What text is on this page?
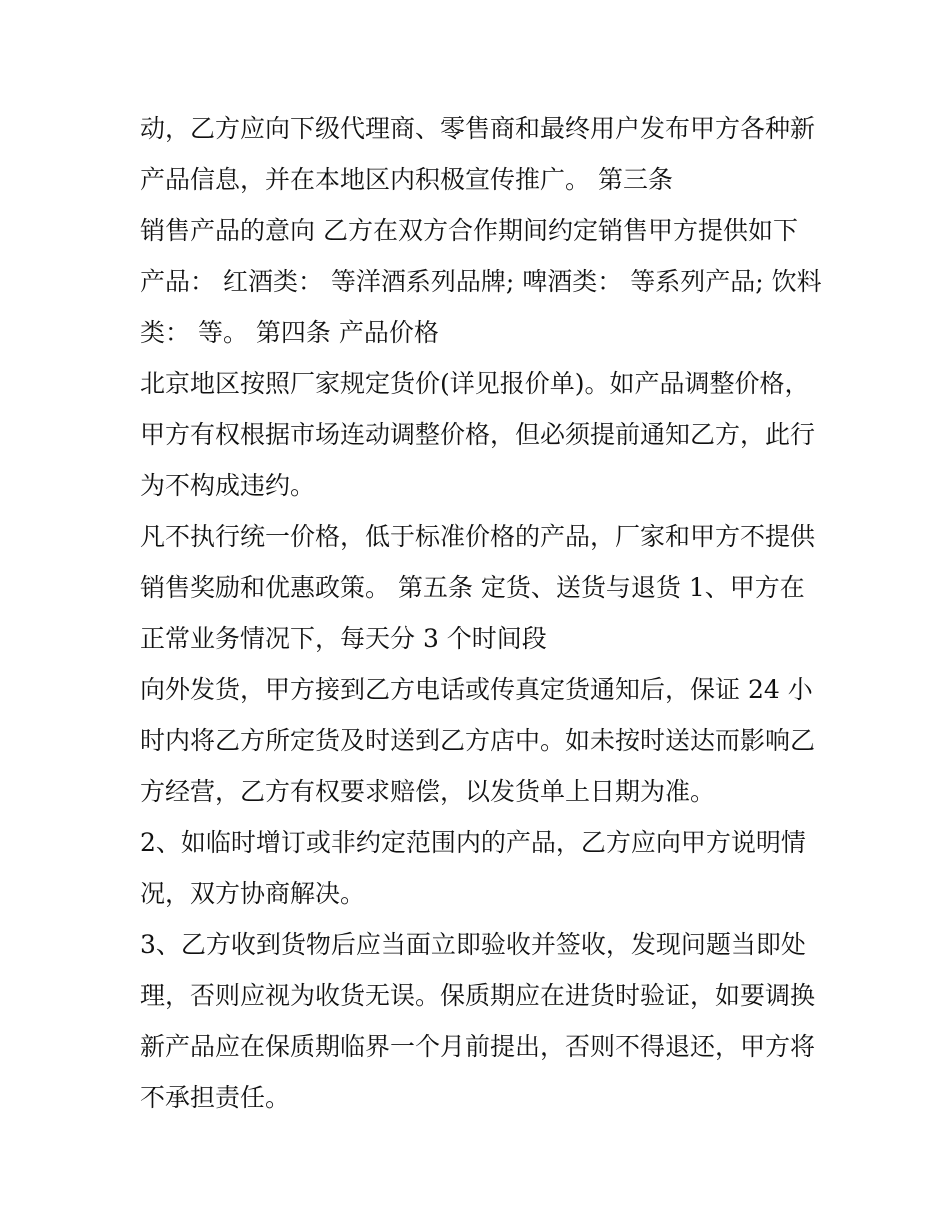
动，乙方应向下级代理商、零售商和最终用户发布甲方各种新
产品信息，并在本地区内积极宣传推广。 第三条
销售产品的意向 乙方在双方合作期间约定销售甲方提供如下
产品： 红酒类： 等洋酒系列品牌; 啤酒类： 等系列产品; 饮料
类： 等。 第四条 产品价格
北京地区按照厂家规定货价(详见报价单)。如产品调整价格，
甲方有权根据市场连动调整价格，但必须提前通知乙方，此行
为不构成违约。
凡不执行统一价格，低于标准价格的产品，厂家和甲方不提供
销售奖励和优惠政策。 第五条 定货、送货与退货 1、甲方在
正常业务情况下，每天分 3 个时间段
向外发货，甲方接到乙方电话或传真定货通知后，保证 24 小
时内将乙方所定货及时送到乙方店中。如未按时送达而影响乙
方经营，乙方有权要求赔偿，以发货单上日期为准。
2、如临时增订或非约定范围内的产品，乙方应向甲方说明情
况，双方协商解决。
3、乙方收到货物后应当面立即验收并签收，发现问题当即处
理，否则应视为收货无误。保质期应在进货时验证，如要调换
新产品应在保质期临界一个月前提出，否则不得退还，甲方将
不承担责任。
